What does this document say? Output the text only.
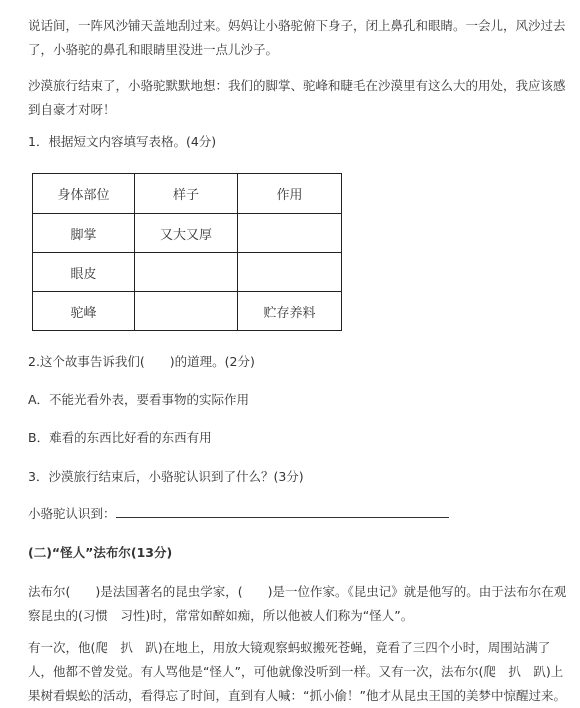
说话间，一阵风沙铺天盖地刮过来。妈妈让小骆驼俯下身子，闭上鼻孔和眼睛。一会儿，风沙过去了，小骆驼的鼻孔和眼睛里没进一点儿沙子。

沙漠旅行结束了，小骆驼默默地想：我们的脚掌、驼峰和睫毛在沙漠里有这么大的用处，我应该感到自豪才对呀！

1．根据短文内容填写表格。(4分)

身体部位	样子	作用
脚掌	又大又厚	
眼皮		
驼峰		贮存养料

2.这个故事告诉我们(　　)的道理。(2分)

A．不能光看外表，要看事物的实际作用

B．难看的东西比好看的东西有用

3．沙漠旅行结束后，小骆驼认识到了什么？(3分)

小骆驼认识到：

(二)“怪人”法布尔(13分)

法布尔(　　)是法国著名的昆虫学家，(　　)是一位作家。《昆虫记》就是他写的。由于法布尔在观察昆虫的(习惯　习性)时，常常如醉如痴，所以他被人们称为“怪人”。

有一次，他(爬　扒　趴)在地上，用放大镜观察蚂蚁搬死苍蝇，竟看了三四个小时，周围站满了人，他都不曾发觉。有人骂他是“怪人”，可他就像没听到一样。又有一次，法布尔(爬　扒　趴)上果树看蜈蚣的活动，看得忘了时间，直到有人喊：“抓小偷！”他才从昆虫王国的美梦中惊醒过来。
